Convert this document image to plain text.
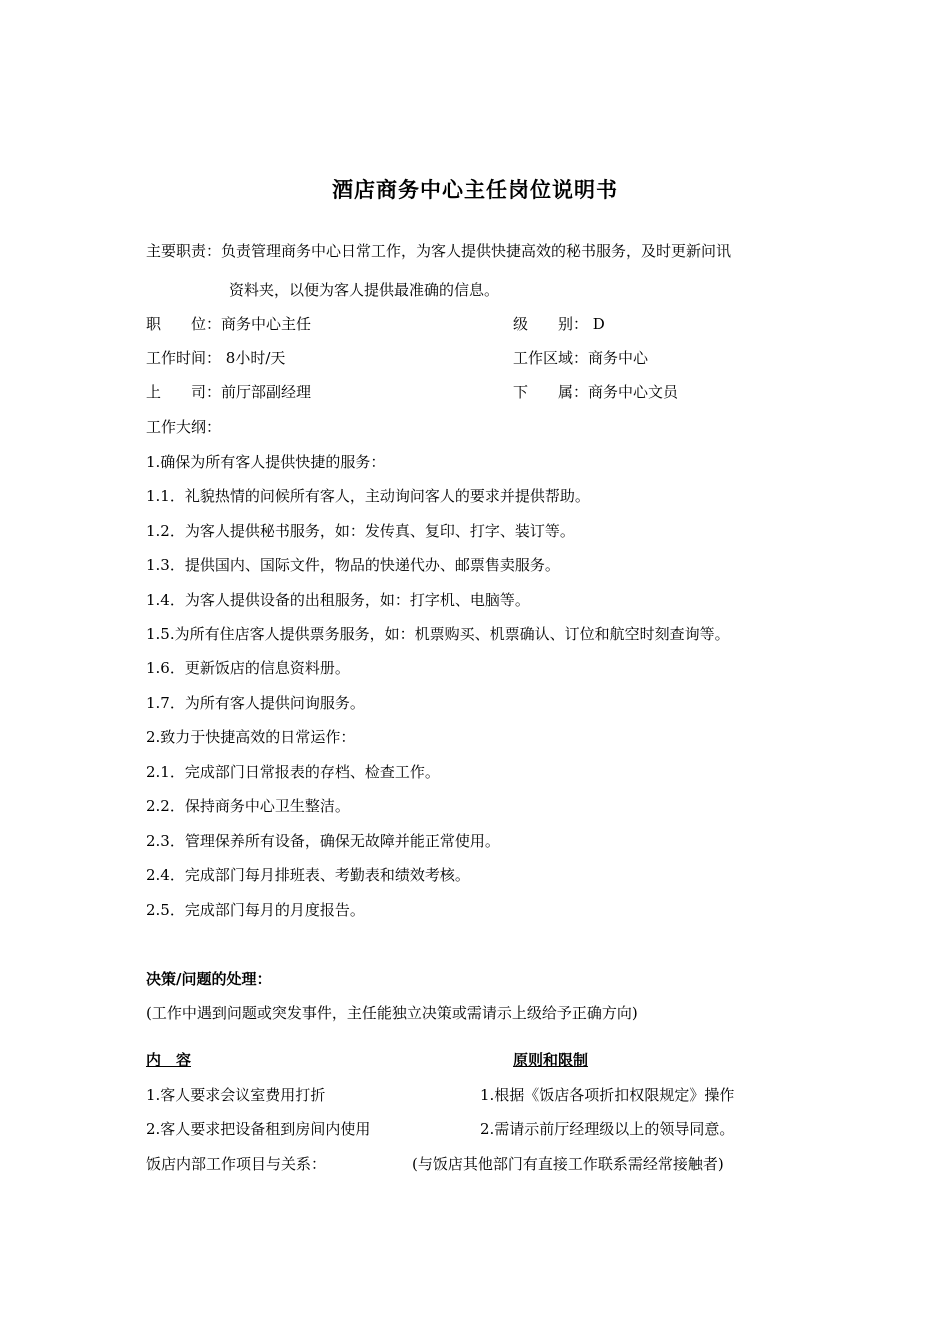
酒店商务中心主任岗位说明书
主要职责：负责管理商务中心日常工作，为客人提供快捷高效的秘书服务，及时更新问讯
资料夹，以便为客人提供最准确的信息。
职　　位：商务中心主任	级　　别： D
工作时间： 8小时/天	工作区域：商务中心
上　　司：前厅部副经理	下　　属：商务中心文员
工作大纲：
1.确保为所有客人提供快捷的服务：
1.1．礼貌热情的问候所有客人，主动询问客人的要求并提供帮助。
1.2．为客人提供秘书服务，如：发传真、复印、打字、装订等。
1.3．提供国内、国际文件，物品的快递代办、邮票售卖服务。
1.4．为客人提供设备的出租服务，如：打字机、电脑等。
1.5.为所有住店客人提供票务服务，如：机票购买、机票确认、订位和航空时刻查询等。
1.6．更新饭店的信息资料册。
1.7．为所有客人提供问询服务。
2.致力于快捷高效的日常运作：
2.1．完成部门日常报表的存档、检查工作。
2.2．保持商务中心卫生整洁。
2.3．管理保养所有设备，确保无故障并能正常使用。
2.4．完成部门每月排班表、考勤表和绩效考核。
2.5．完成部门每月的月度报告。
决策/问题的处理：
(工作中遇到问题或突发事件，主任能独立决策或需请示上级给予正确方向)
内　容	原则和限制
1.客人要求会议室费用打折	1.根据《饭店各项折扣权限规定》操作
2.客人要求把设备租到房间内使用	2.需请示前厅经理级以上的领导同意。
饭店内部工作项目与关系：	(与饭店其他部门有直接工作联系需经常接触者)
